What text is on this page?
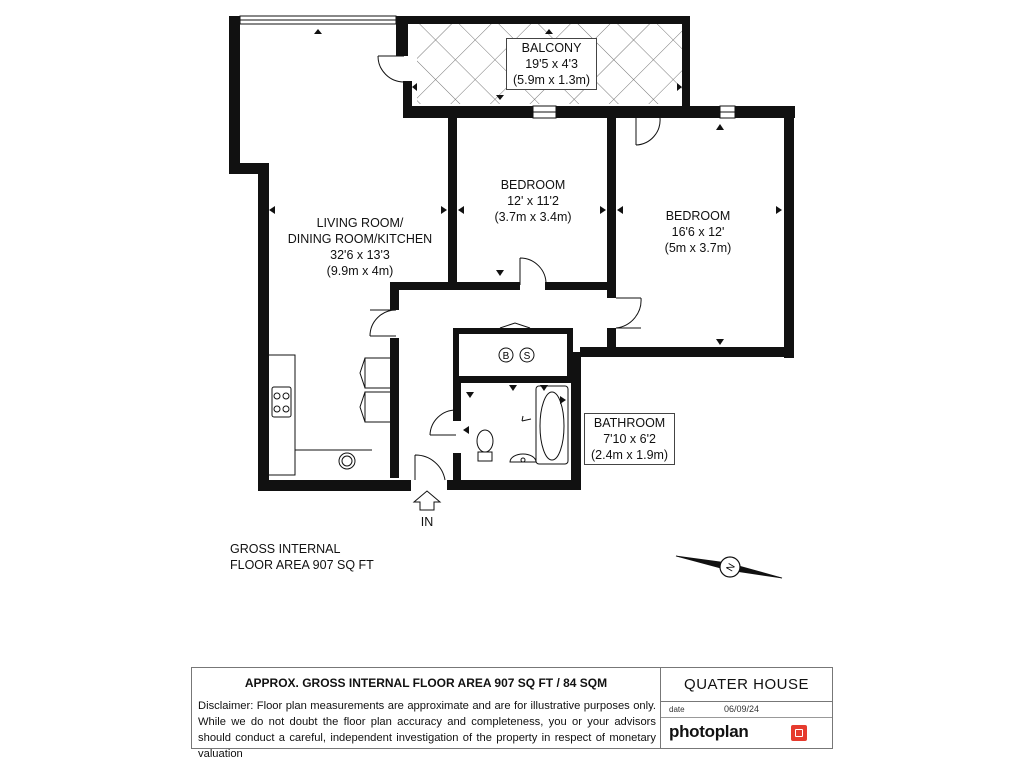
B S
N
BALCONY
19'5 x 4'3
(5.9m x 1.3m)
LIVING ROOM/
DINING ROOM/KITCHEN
32'6 x 13'3
(9.9m x 4m)
BEDROOM
12' x 11'2
(3.7m x 3.4m)	BEDROOM
16'6 x 12'
(5m x 3.7m)
BATHROOM
7'10 x 6'2
(2.4m x 1.9m)
IN
GROSS INTERNAL
FLOOR AREA 907 SQ FT
APPROX. GROSS INTERNAL FLOOR AREA 907 SQ FT / 84 SQM
Disclaimer: Floor plan measurements are approximate and are for illustrative purposes only. While we do not doubt the floor plan accuracy and completeness, you or your advisors should conduct a careful, independent investigation of the property in respect of monetary valuation
QUATER HOUSE
date	06/09/24
photoplan
